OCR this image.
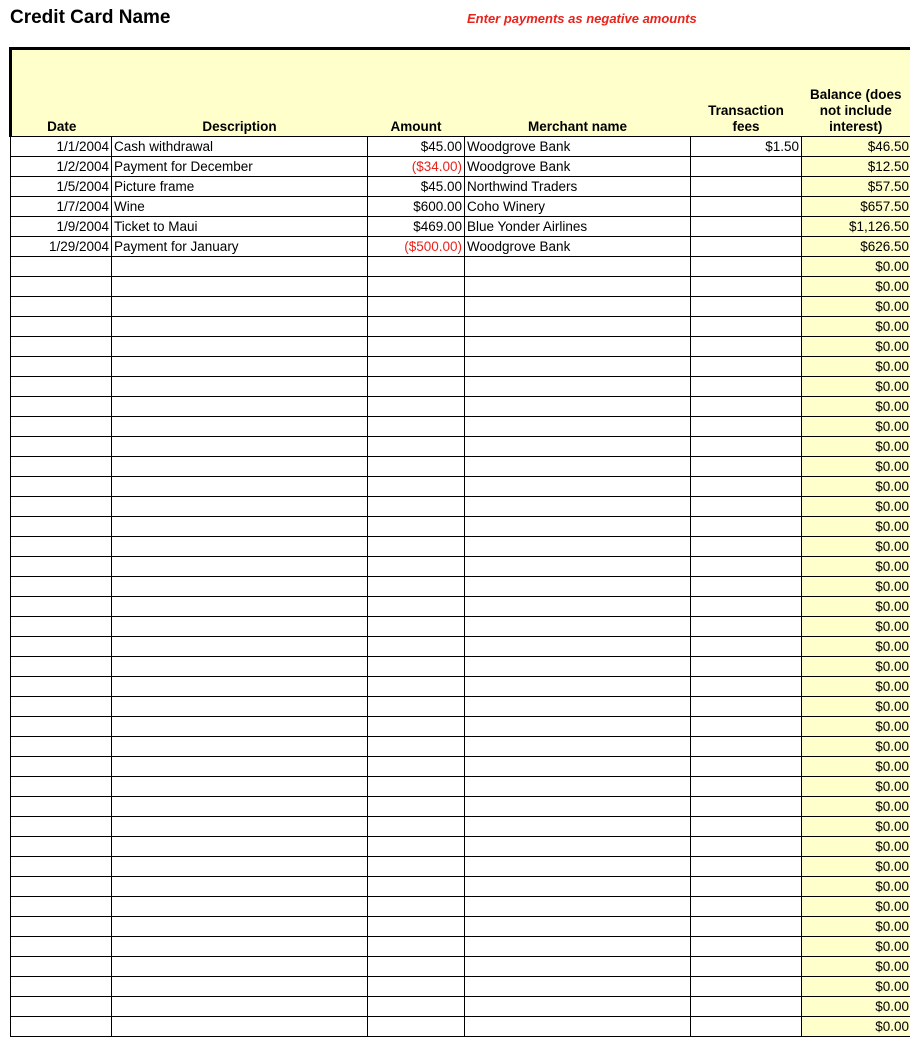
Credit Card Name	Enter payments as negative amounts
Date	Description	Amount	Merchant name	Transaction fees	Balance (does not include interest)
1/1/2004	Cash withdrawal	$45.00	Woodgrove Bank	$1.50	$46.50
1/2/2004	Payment for December	($34.00)	Woodgrove Bank		$12.50
1/5/2004	Picture frame	$45.00	Northwind Traders		$57.50
1/7/2004	Wine	$600.00	Coho Winery		$657.50
1/9/2004	Ticket to Maui	$469.00	Blue Yonder Airlines		$1,126.50
1/29/2004	Payment for January	($500.00)	Woodgrove Bank		$626.50
					$0.00
					$0.00
					$0.00
					$0.00
					$0.00
					$0.00
					$0.00
					$0.00
					$0.00
					$0.00
					$0.00
					$0.00
					$0.00
					$0.00
					$0.00
					$0.00
					$0.00
					$0.00
					$0.00
					$0.00
					$0.00
					$0.00
					$0.00
					$0.00
					$0.00
					$0.00
					$0.00
					$0.00
					$0.00
					$0.00
					$0.00
					$0.00
					$0.00
					$0.00
					$0.00
					$0.00
					$0.00
					$0.00
					$0.00
